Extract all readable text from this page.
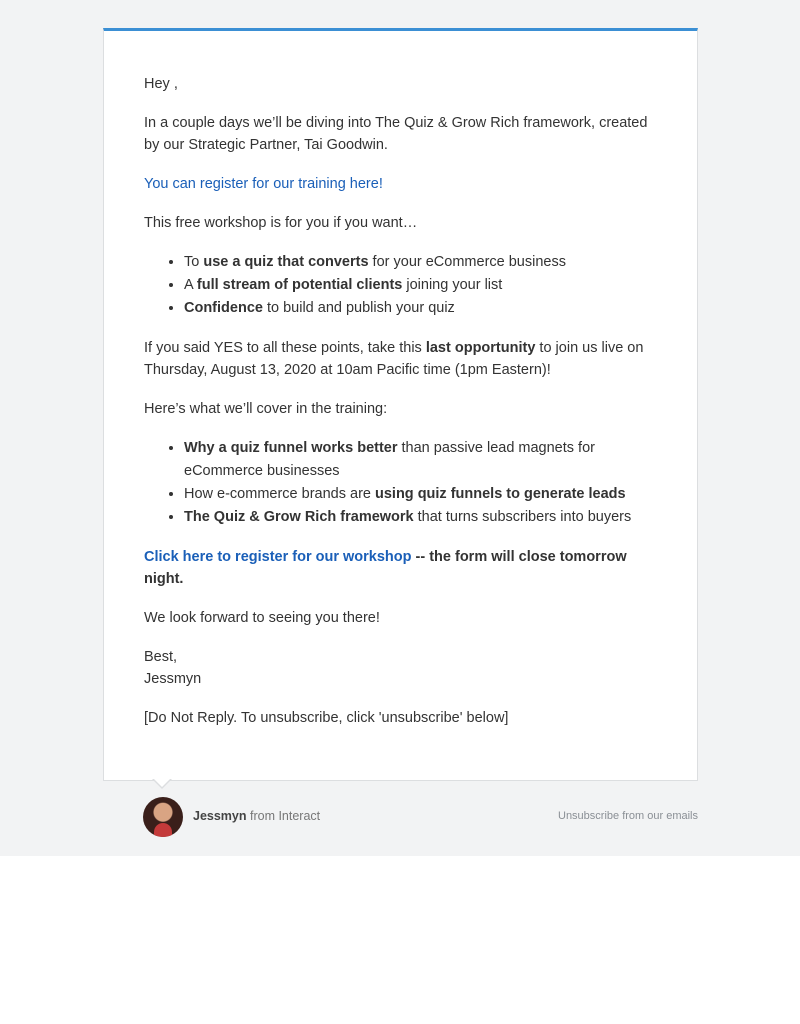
Hey ,

In a couple days we’ll be diving into The Quiz & Grow Rich framework, created by our Strategic Partner, Tai Goodwin.

You can register for our training here!

This free workshop is for you if you want…

• To use a quiz that converts for your eCommerce business
• A full stream of potential clients joining your list
• Confidence to build and publish your quiz

If you said YES to all these points, take this last opportunity to join us live on Thursday, August 13, 2020 at 10am Pacific time (1pm Eastern)!

Here’s what we’ll cover in the training:

• Why a quiz funnel works better than passive lead magnets for eCommerce businesses
• How e-commerce brands are using quiz funnels to generate leads
• The Quiz & Grow Rich framework that turns subscribers into buyers

Click here to register for our workshop -- the form will close tomorrow night.

We look forward to seeing you there!

Best,
Jessmyn

[Do Not Reply. To unsubscribe, click 'unsubscribe' below]

Jessmyn from Interact	Unsubscribe from our emails
